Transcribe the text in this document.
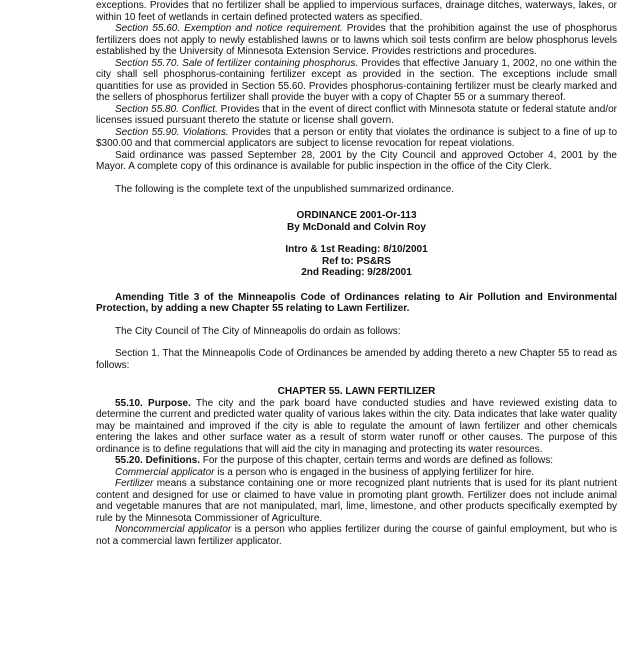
exceptions. Provides that no fertilizer shall be applied to impervious surfaces, drainage ditches, waterways, lakes, or within 10 feet of wetlands in certain defined protected waters as specified.

Section 55.60. Exemption and notice requirement. Provides that the prohibition against the use of phosphorus fertilizers does not apply to newly established lawns or to lawns which soil tests confirm are below phosphorus levels established by the University of Minnesota Extension Service. Provides restrictions and procedures.

Section 55.70. Sale of fertilizer containing phosphorus. Provides that effective January 1, 2002, no one within the city shall sell phosphorus-containing fertilizer except as provided in the section. The exceptions include small quantities for use as provided in Section 55.60. Provides phosphorus-containing fertilizer must be clearly marked and the sellers of phosphorus fertilizer shall provide the buyer with a copy of Chapter 55 or a summary thereof.

Section 55.80. Conflict. Provides that in the event of direct conflict with Minnesota statute or federal statute and/or licenses issued pursuant thereto the statute or license shall govern.

Section 55.90. Violations. Provides that a person or entity that violates the ordinance is subject to a fine of up to $300.00 and that commercial applicators are subject to license revocation for repeat violations.

Said ordinance was passed September 28, 2001 by the City Council and approved October 4, 2001 by the Mayor. A complete copy of this ordinance is available for public inspection in the office of the City Clerk.

The following is the complete text of the unpublished summarized ordinance.

ORDINANCE 2001-Or-113
By McDonald and Colvin Roy
Intro & 1st Reading: 8/10/2001
Ref to: PS&RS
2nd Reading: 9/28/2001

Amending Title 3 of the Minneapolis Code of Ordinances relating to Air Pollution and Environmental Protection, by adding a new Chapter 55 relating to Lawn Fertilizer.

The City Council of The City of Minneapolis do ordain as follows:

Section 1. That the Minneapolis Code of Ordinances be amended by adding thereto a new Chapter 55 to read as follows:

CHAPTER 55. LAWN FERTILIZER

55.10. Purpose. The city and the park board have conducted studies and have reviewed existing data to determine the current and predicted water quality of various lakes within the city. Data indicates that lake water quality may be maintained and improved if the city is able to regulate the amount of lawn fertilizer and other chemicals entering the lakes and other surface water as a result of storm water runoff or other causes. The purpose of this ordinance is to define regulations that will aid the city in managing and protecting its water resources.

55.20. Definitions. For the purpose of this chapter, certain terms and words are defined as follows:

Commercial applicator is a person who is engaged in the business of applying fertilizer for hire.

Fertilizer means a substance containing one or more recognized plant nutrients that is used for its plant nutrient content and designed for use or claimed to have value in promoting plant growth. Fertilizer does not include animal and vegetable manures that are not manipulated, marl, lime, limestone, and other products specifically exempted by rule by the Minnesota Commissioner of Agriculture.

Noncommercial applicator is a person who applies fertilizer during the course of gainful employment, but who is not a commercial lawn fertilizer applicator.
